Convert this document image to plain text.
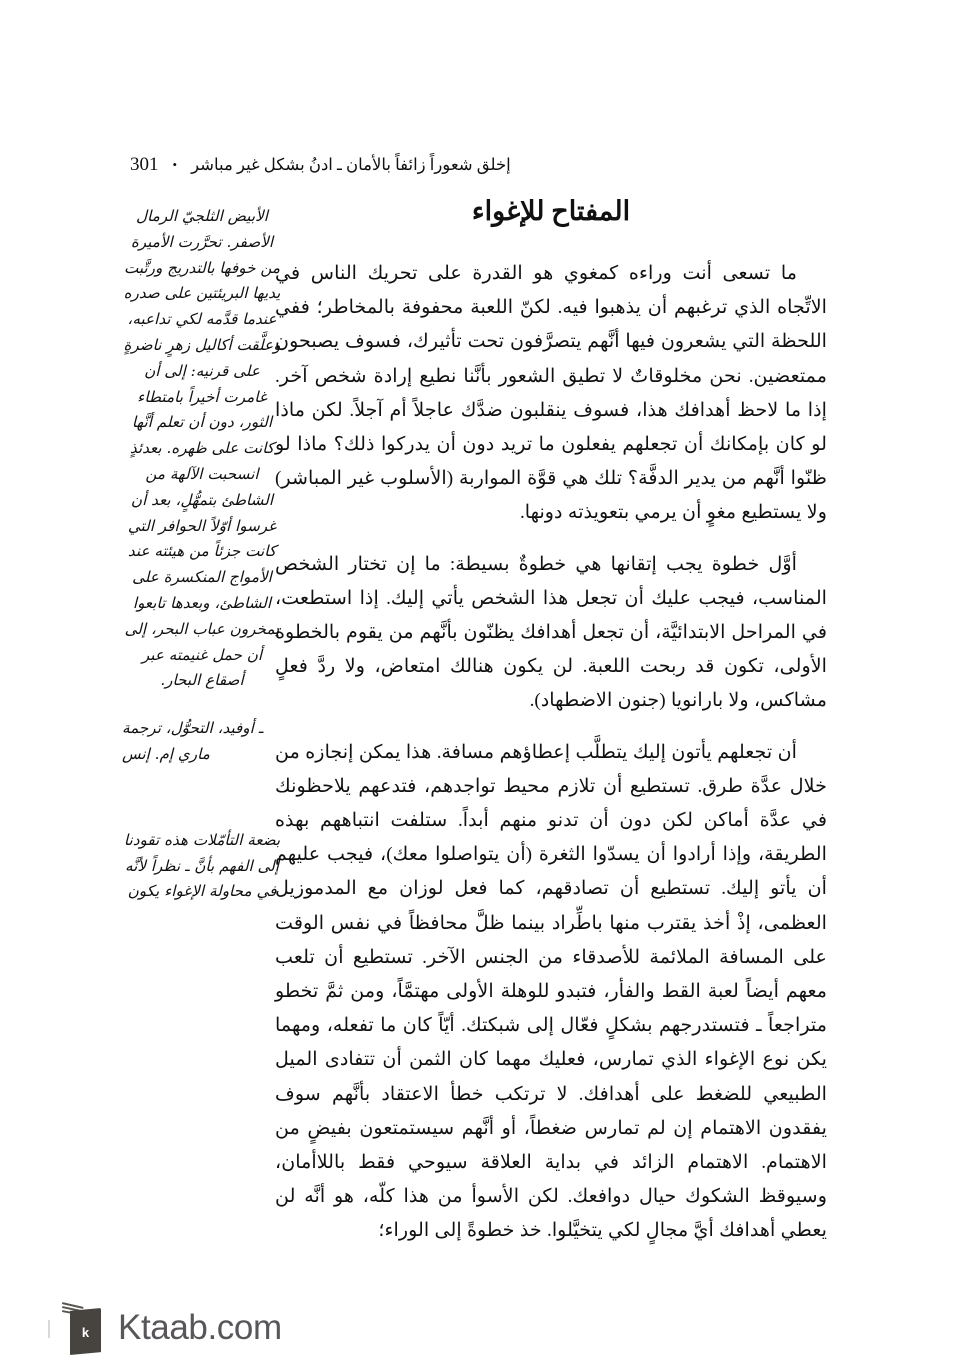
301 • إخلق شعوراً زائفاً بالأمان ـ ادنُ بشكل غير مباشر
المفتاح للإغواء

ما تسعى أنت وراءه كمغوي هو القدرة على تحريك الناس في الاتِّجاه الذي ترغبهم أن يذهبوا فيه. لكنّ اللعبة محفوفة بالمخاطر؛ ففي اللحظة التي يشعرون فيها أنَّهم يتصرَّفون تحت تأثيرك، فسوف يصبحون ممتعضين. نحن مخلوقاتٌ لا تطيق الشعور بأنَّنا نطيع إرادة شخص آخر. إذا ما لاحظ أهدافك هذا، فسوف ينقلبون ضدَّك عاجلاً أم آجلاً. لكن ماذا لو كان بإمكانك أن تجعلهم يفعلون ما تريد دون أن يدركوا ذلك؟ ماذا لو ظنّوا أنَّهم من يدير الدفَّة؟ تلك هي قوَّة المواربة (الأسلوب غير المباشر) ولا يستطيع مغوٍ أن يرمي بتعويذته دونها.

أوَّل خطوة يجب إتقانها هي خطوةٌ بسيطة: ما إن تختار الشخص المناسب، فيجب عليك أن تجعل هذا الشخص يأتي إليك. إذا استطعت، في المراحل الابتدائيَّة، أن تجعل أهدافك يظنّون بأنَّهم من يقوم بالخطوة الأولى، تكون قد ربحت اللعبة. لن يكون هنالك امتعاض، ولا ردَّ فعلٍ مشاكس، ولا بارانويا (جنون الاضطهاد).

أن تجعلهم يأتون إليك يتطلَّب إعطاؤهم مسافة. هذا يمكن إنجازه من خلال عدَّة طرق. تستطيع أن تلازم محيط تواجدهم، فتدعهم يلاحظونك في عدَّة أماكن لكن دون أن تدنو منهم أبداً. ستلفت انتباههم بهذه الطريقة، وإذا أرادوا أن يسدّوا الثغرة (أن يتواصلوا معك)، فيجب عليهم أن يأتو إليك. تستطيع أن تصادقهم، كما فعل لوزان مع المدموزيل العظمى، إذْ أخذ يقترب منها باطِّراد بينما ظلَّ محافظاً في نفس الوقت على المسافة الملائمة للأصدقاء من الجنس الآخر. تستطيع أن تلعب معهم أيضاً لعبة القط والفأر، فتبدو للوهلة الأولى مهتمَّاً، ومن ثمَّ تخطو متراجعاً ـ فتستدرجهم بشكلٍ فعّال إلى شبكتك. أيّاً كان ما تفعله، ومهما يكن نوع الإغواء الذي تمارس، فعليك مهما كان الثمن أن تتفادى الميل الطبيعي للضغط على أهدافك. لا ترتكب خطأ الاعتقاد بأنَّهم سوف يفقدون الاهتمام إن لم تمارس ضغطاً، أو أنَّهم سيستمتعون بفيضٍ من الاهتمام. الاهتمام الزائد في بداية العلاقة سيوحي فقط باللاأمان، وسيوقظ الشكوك حيال دوافعك. لكن الأسوأ من هذا كلّه، هو أنَّه لن يعطي أهدافك أيَّ مجالٍ لكي يتخيَّلوا. خذ خطوةً إلى الوراء؛

الأبيض الثلجيّ الرمال الأصفر. تحرَّرت الأميرة من خوفها بالتدريج ورتَّبت يديها البريئتين على صدره عندما قدَّمه لكي تداعبه، وعلَّقت أكاليل زهرٍ ناضرةٍ على قرنيه: إلى أن غامرت أخيراً بامتطاء الثور، دون أن تعلم أنَّها كانت على ظهره. بعدئذٍ انسحبت الآلهة من الشاطئ بتمهُّلٍ، بعد أن غرسوا أوّلاً الحوافر التي كانت جزئاً من هيئته عند الأمواج المنكسرة على الشاطئ، وبعدها تابعوا يمخرون عباب البحر، إلى أن حمل غنيمته عبر أصقاع البحار.

ـ أوفيد، التحوُّل، ترجمة ماري إم. إنس

بضعة التأمّلات هذه تقودنا إلى الفهم بأنَّ ـ نظراً لأنَّه في محاولة الإغواء يكون

k Ktaab.com
